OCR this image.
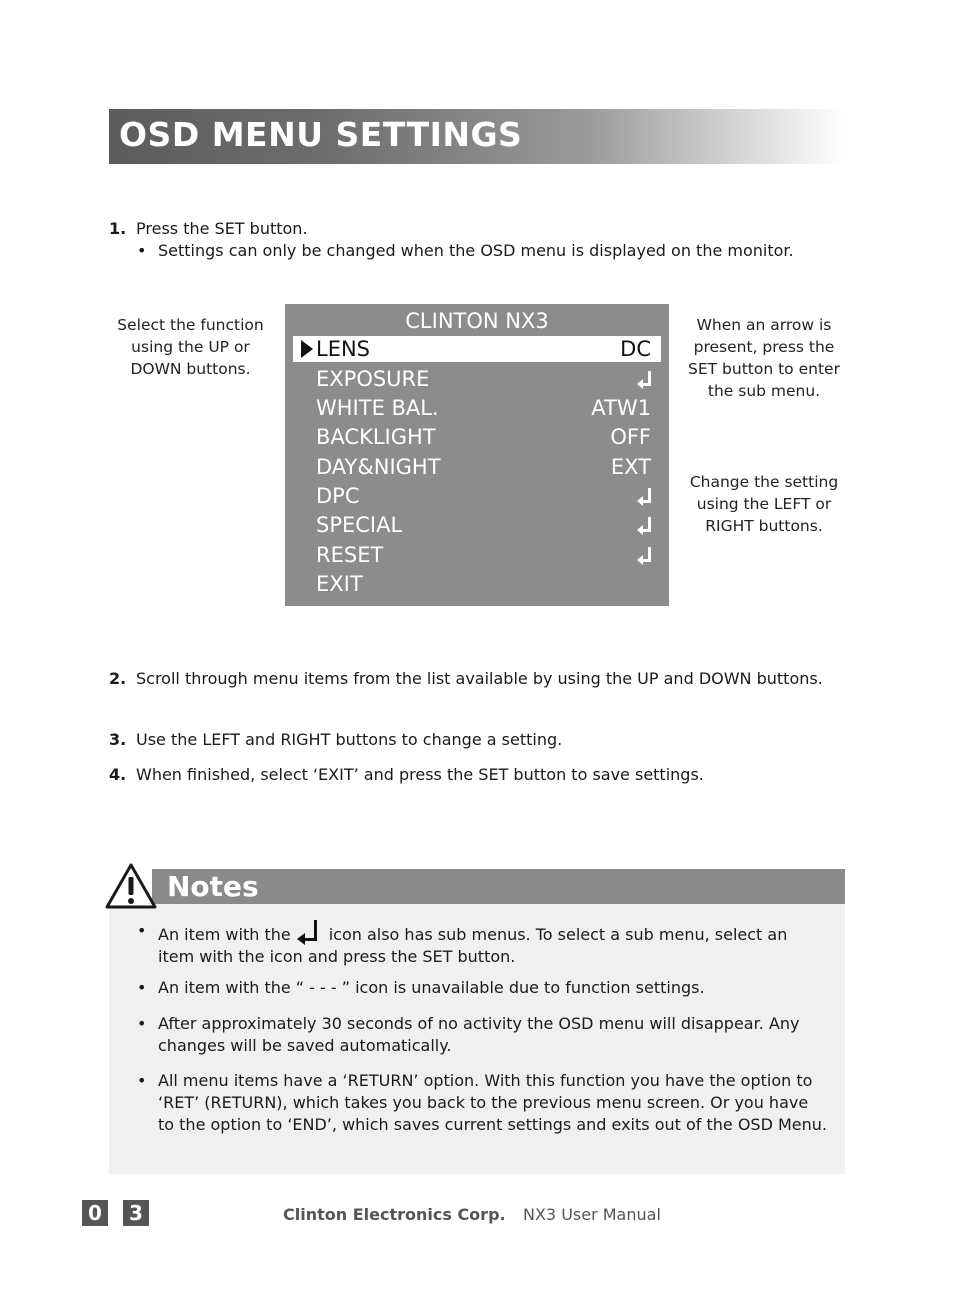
OSD MENU SETTINGS
1. Press the SET button.
• Settings can only be changed when the OSD menu is displayed on the monitor.
Select the function using the UP or DOWN buttons.
CLINTON NX3
LENS	DC
EXPOSURE
WHITE BAL.	ATW1
BACKLIGHT	OFF
DAY&NIGHT	EXT
DPC
SPECIAL
RESET
EXIT
When an arrow is present, press the SET button to enter the sub menu.
Change the setting using the LEFT or RIGHT buttons.
2. Scroll through menu items from the list available by using the UP and DOWN buttons.
3. Use the LEFT and RIGHT buttons to change a setting.
4. When finished, select ‘EXIT’ and press the SET button to save settings.
Notes
• An item with the icon also has sub menus. To select a sub menu, select an item with the icon and press the SET button.
• An item with the “ - - - ” icon is unavailable due to function settings.
• After approximately 30 seconds of no activity the OSD menu will disappear. Any changes will be saved automatically.
• All menu items have a ‘RETURN’ option. With this function you have the option to ‘RET’ (RETURN), which takes you back to the previous menu screen. Or you have to the option to ‘END’, which saves current settings and exits out of the OSD Menu.
0	3	Clinton Electronics Corp. NX3 User Manual
